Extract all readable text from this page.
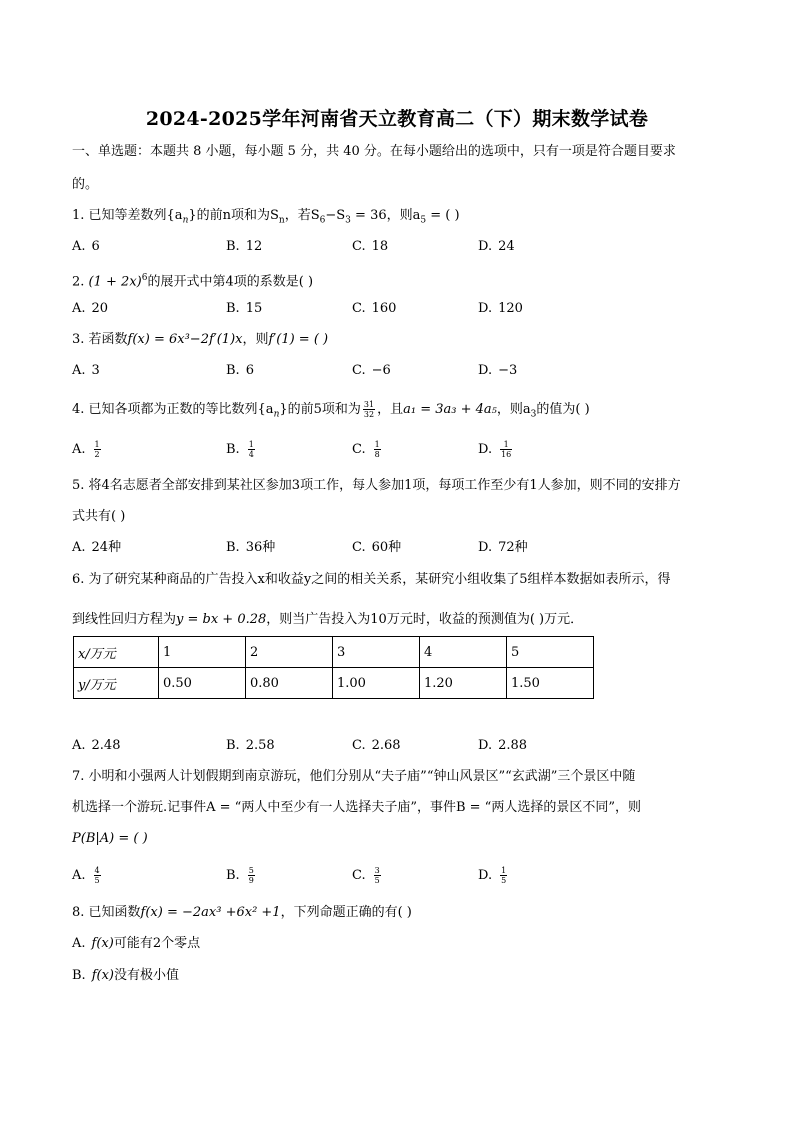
2024-2025学年河南省天立教育高二（下）期末数学试卷
一、单选题：本题共 8 小题，每小题 5 分，共 40 分。在每小题给出的选项中，只有一项是符合题目要求
的。
1. 已知等差数列$\{a_n\}$的前n项和为$S_n$，若$S_6-S_3 = 36$，则$a_5$ = ( )
A. 6	B. 12	C. 18	D. 24
2. $(1 + 2x)^6$的展开式中第4项的系数是( )
A. 20	B. 15	C. 160	D. 120
3. 若函数f(x) = 6x³−2f′(1)x，则f′(1) = ( )
A. 3	B. 6	C. −6	D. −3
4. 已知各项都为正数的等比数列$\{a_n\}$的前5项和为 $\frac{31}{32}$ ，且a₁ = 3a₃ + 4a₅，则$a_3$的值为( )
A. $\frac{1}{2}$	B. $\frac{1}{4}$	C. $\frac{1}{8}$	D. $\frac{1}{16}$
5. 将4名志愿者全部安排到某社区参加3项工作，每人参加1项，每项工作至少有1人参加，则不同的安排方
式共有( )
A. 24种	B. 36种	C. 60种	D. 72种
6. 为了研究某种商品的广告投入x和收益y之间的相关关系，某研究小组收集了5组样本数据如表所示，得
到线性回归方程为y = bx + 0.28，则当广告投入为10万元时，收益的预测值为( )万元．
x/万元	1	2	3	4	5
y/万元	0.50	0.80	1.00	1.20	1.50
A. 2.48	B. 2.58	C. 2.68	D. 2.88
7. 小明和小强两人计划假期到南京游玩，他们分别从“夫子庙”“钟山风景区”“玄武湖”三个景区中随
机选择一个游玩.记事件A = “两人中至少有一人选择夫子庙”，事件B = “两人选择的景区不同”，则
P(B|A) = ( )
A. $\frac{4}{5}$	B. $\frac{5}{9}$	C. $\frac{3}{5}$	D. $\frac{1}{5}$
8. 已知函数f(x) = −2ax³ +6x² +1，下列命题正确的有( )
A. f(x)可能有2个零点
B. f(x)没有极小值
